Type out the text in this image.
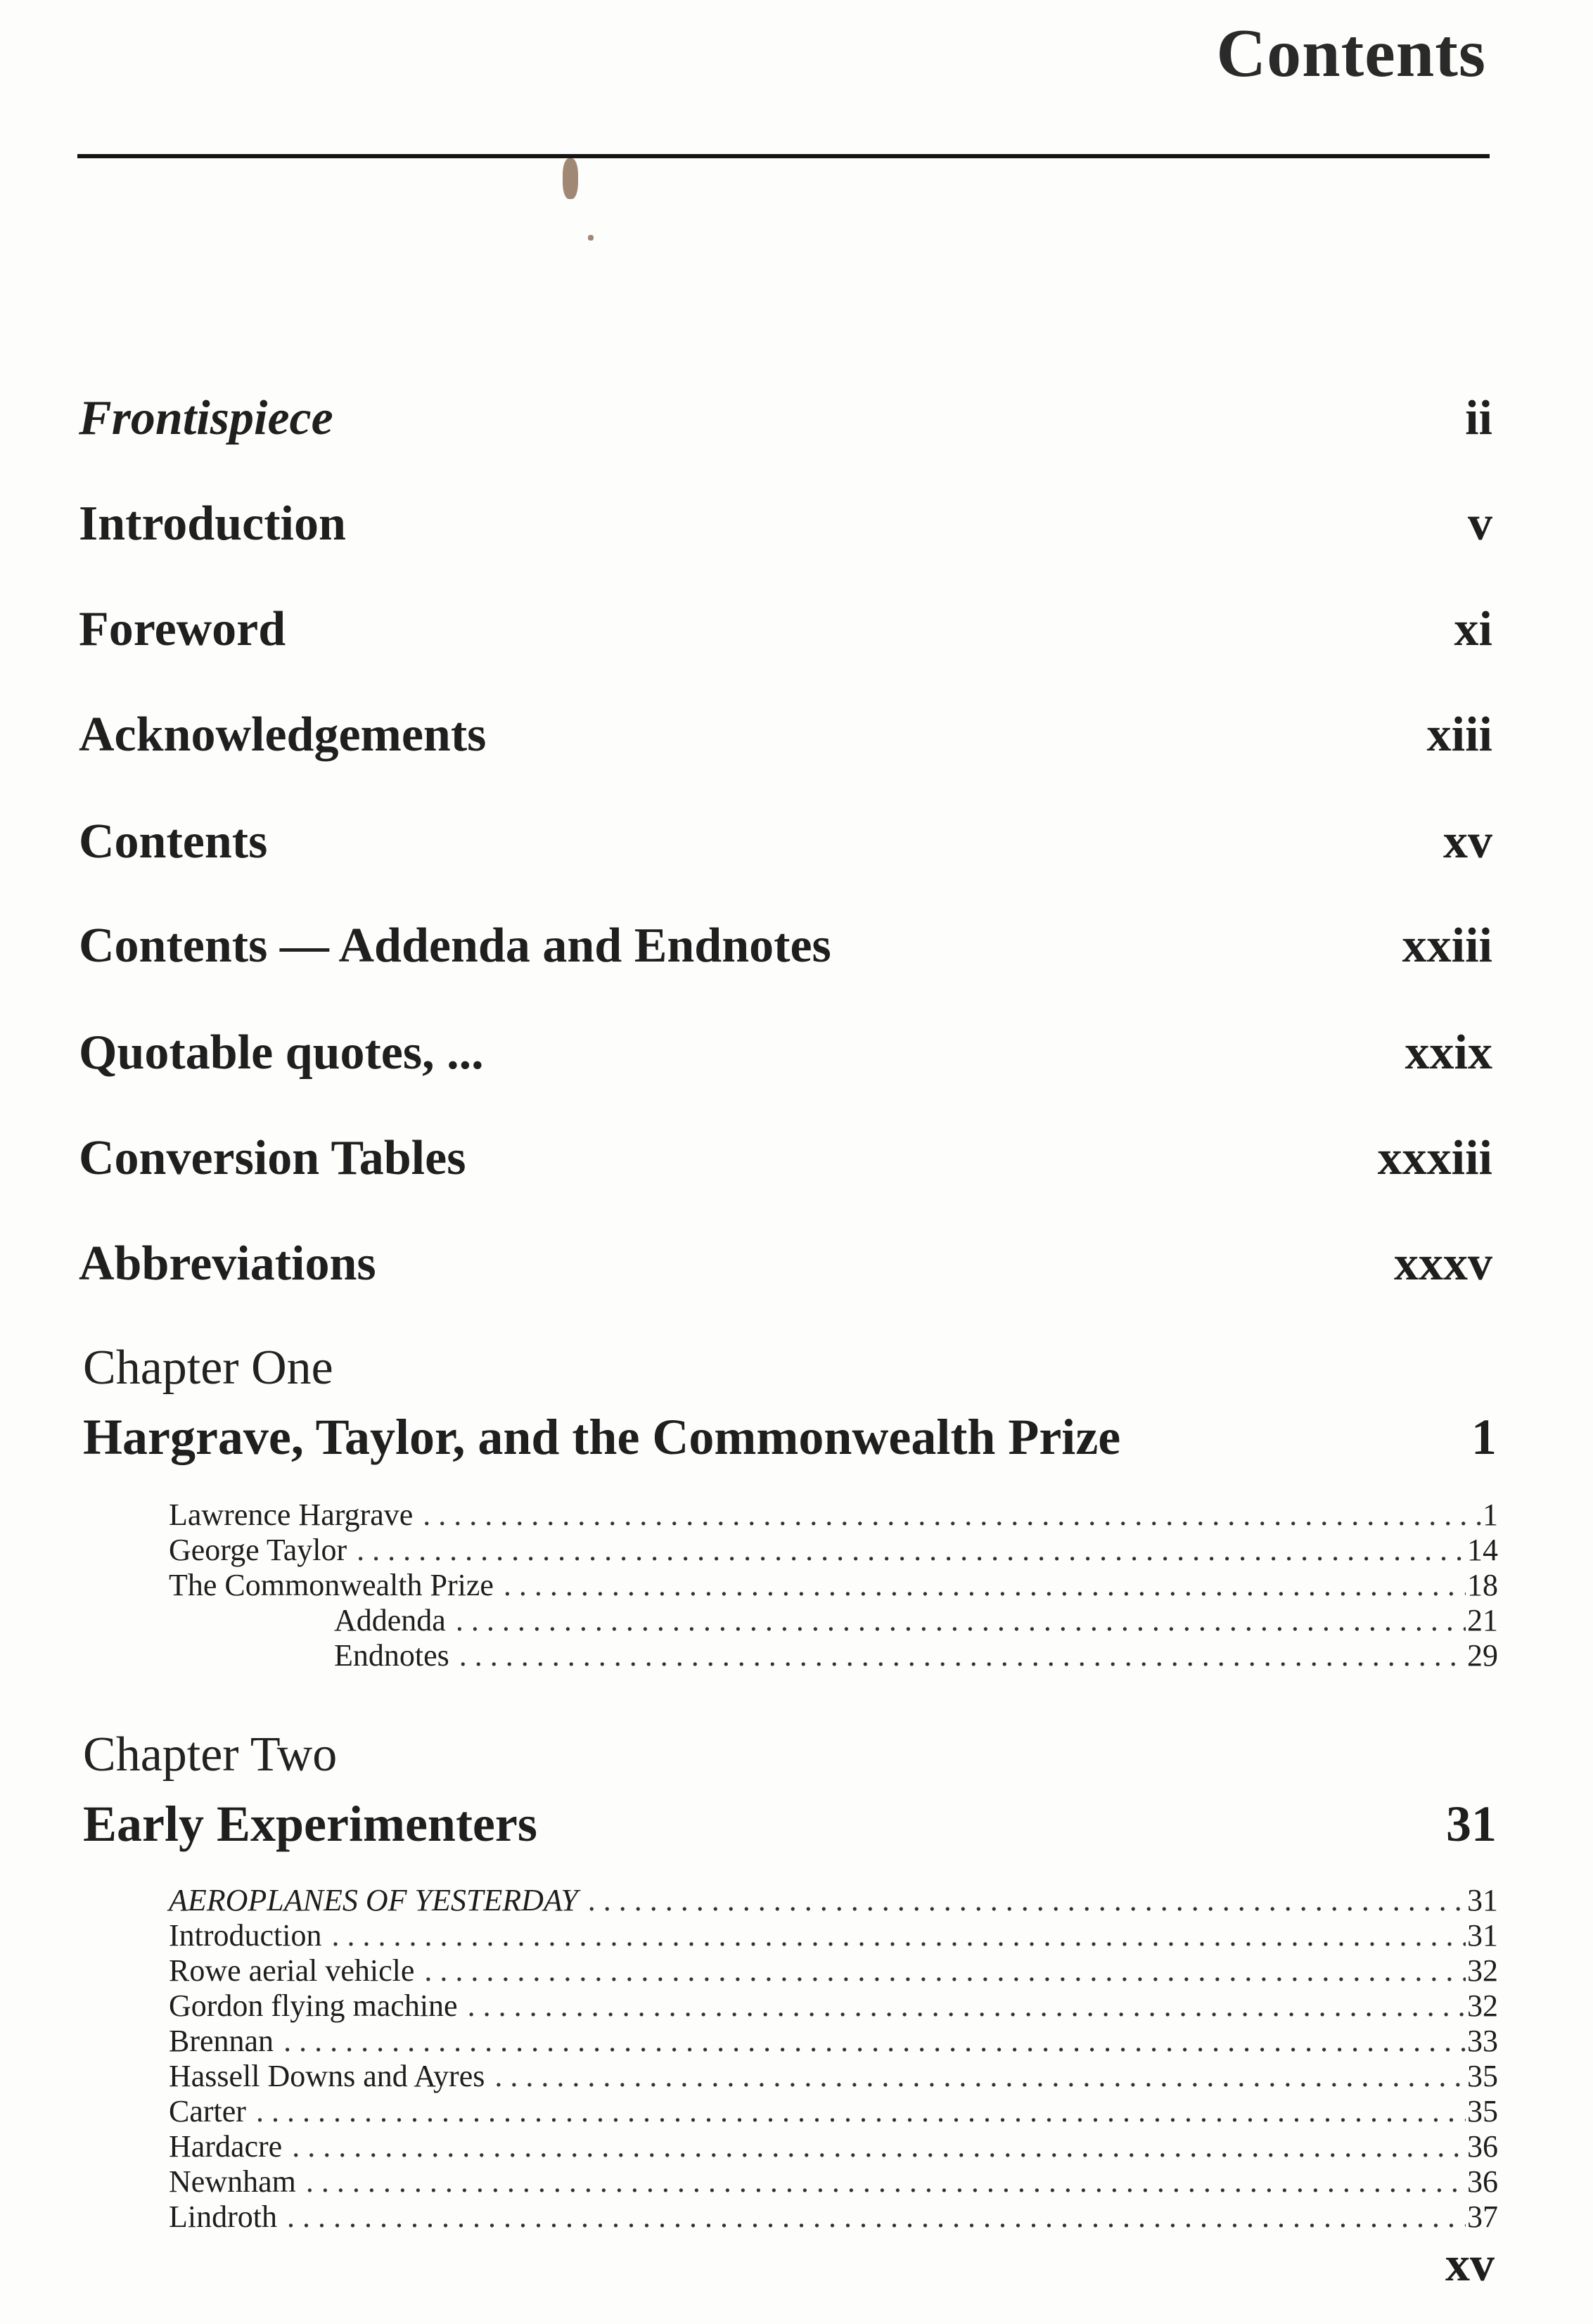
Contents
Frontispiece	ii
Introduction	v
Foreword	xi
Acknowledgements	xiii
Contents	xv
Contents — Addenda and Endnotes	xxiii
Quotable quotes, ...	xxix
Conversion Tables	xxxiii
Abbreviations	xxxv
Chapter One
Hargrave, Taylor, and the Commonwealth Prize	1
Lawrence Hargrave . . .	1
George Taylor . . .	14
The Commonwealth Prize . . .	18
Addenda . . .	21
Endnotes . . .	29
Chapter Two
Early Experimenters	31
AEROPLANES OF YESTERDAY . . .	31
Introduction . . .	31
Rowe aerial vehicle . . .	32
Gordon flying machine . . .	32
Brennan . . .	33
Hassell Downs and Ayres . . .	35
Carter . . .	35
Hardacre . . .	36
Newnham . . .	36
Lindroth . . .	37
xv
